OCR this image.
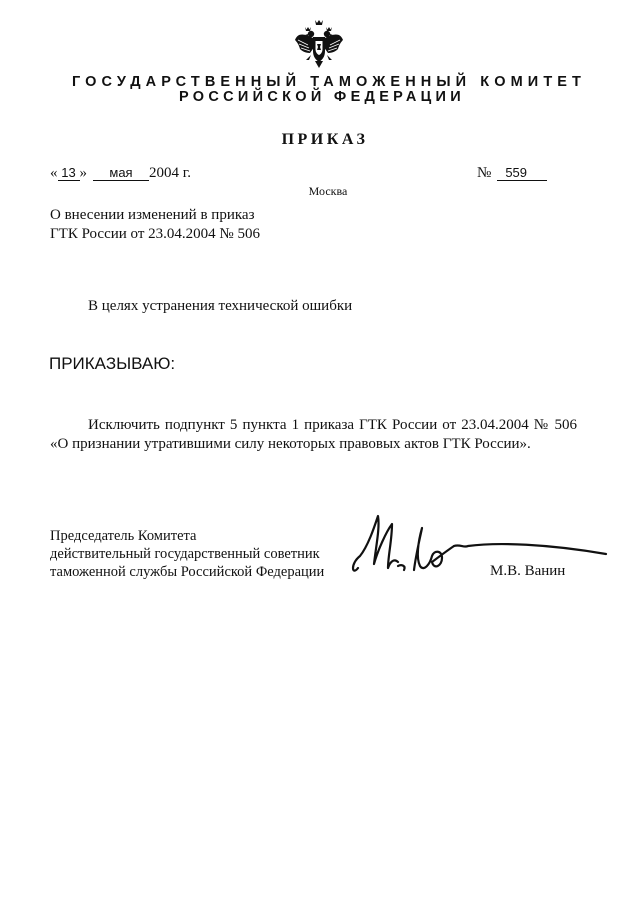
ГОСУДАРСТВЕННЫЙ ТАМОЖЕННЫЙ КОМИТЕТ
РОССИЙСКОЙ ФЕДЕРАЦИИ
ПРИКАЗ
« 13 » мая 2004 г.	№ 559
Москва
О внесении изменений в приказ
ГТК России от 23.04.2004 № 506
В целях устранения технической ошибки
ПРИКАЗЫВАЮ:
Исключить подпункт 5 пункта 1 приказа ГТК России от 23.04.2004 № 506
«О признании утратившими силу некоторых правовых актов ГТК России».
Председатель Комитета
действительный государственный советник
таможенной службы Российской Федерации	М.В. Ванин
